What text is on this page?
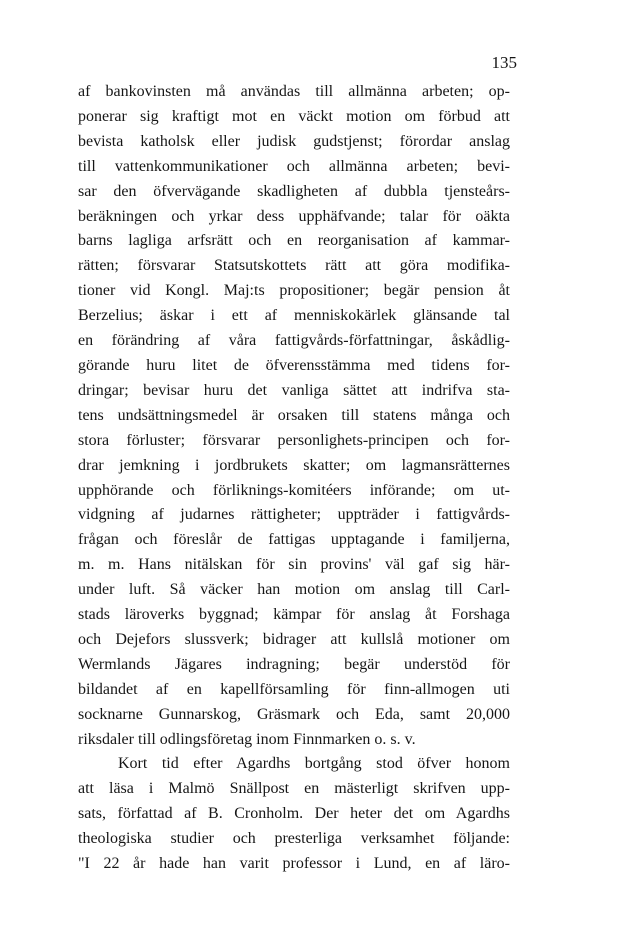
135
af bankovinsten må användas till allmänna arbeten; op-
ponerar sig kraftigt mot en väckt motion om förbud att
bevista katholsk eller judisk gudstjenst; förordar anslag
till vattenkommunikationer och allmänna arbeten; bevi-
sar den öfvervägande skadligheten af dubbla tjensteårs-
beräkningen och yrkar dess upphäfvande; talar för oäkta
barns lagliga arfsrätt och en reorganisation af kammar-
rätten; försvarar Statsutskottets rätt att göra modifika-
tioner vid Kongl. Maj:ts propositioner; begär pension åt
Berzelius; äskar i ett af menniskokärlek glänsande tal
en förändring af våra fattigvårds-författningar, åskådlig-
görande huru litet de öfverensstämma med tidens for-
dringar; bevisar huru det vanliga sättet att indrifva sta-
tens undsättningsmedel är orsaken till statens många och
stora förluster; försvarar personlighets-principen och for-
drar jemkning i jordbrukets skatter; om lagmansrätternes
upphörande och förliknings-komitéers införande; om ut-
vidgning af judarnes rättigheter; uppträder i fattigvårds-
frågan och föreslår de fattigas upptagande i familjerna,
m. m. Hans nitälskan för sin provins' väl gaf sig här-
under luft. Så väcker han motion om anslag till Carl-
stads läroverks byggnad; kämpar för anslag åt Forshaga
och Dejefors slussverk; bidrager att kullslå motioner om
Wermlands Jägares indragning; begär understöd för
bildandet af en kapellförsamling för finn-allmogen uti
socknarne Gunnarskog, Gräsmark och Eda, samt 20,000
riksdaler till odlingsföretag inom Finnmarken o. s. v.
Kort tid efter Agardhs bortgång stod öfver honom
att läsa i Malmö Snällpost en mästerligt skrifven upp-
sats, författad af B. Cronholm. Der heter det om Agardhs
theologiska studier och presterliga verksamhet följande:
"I 22 år hade han varit professor i Lund, en af läro-
